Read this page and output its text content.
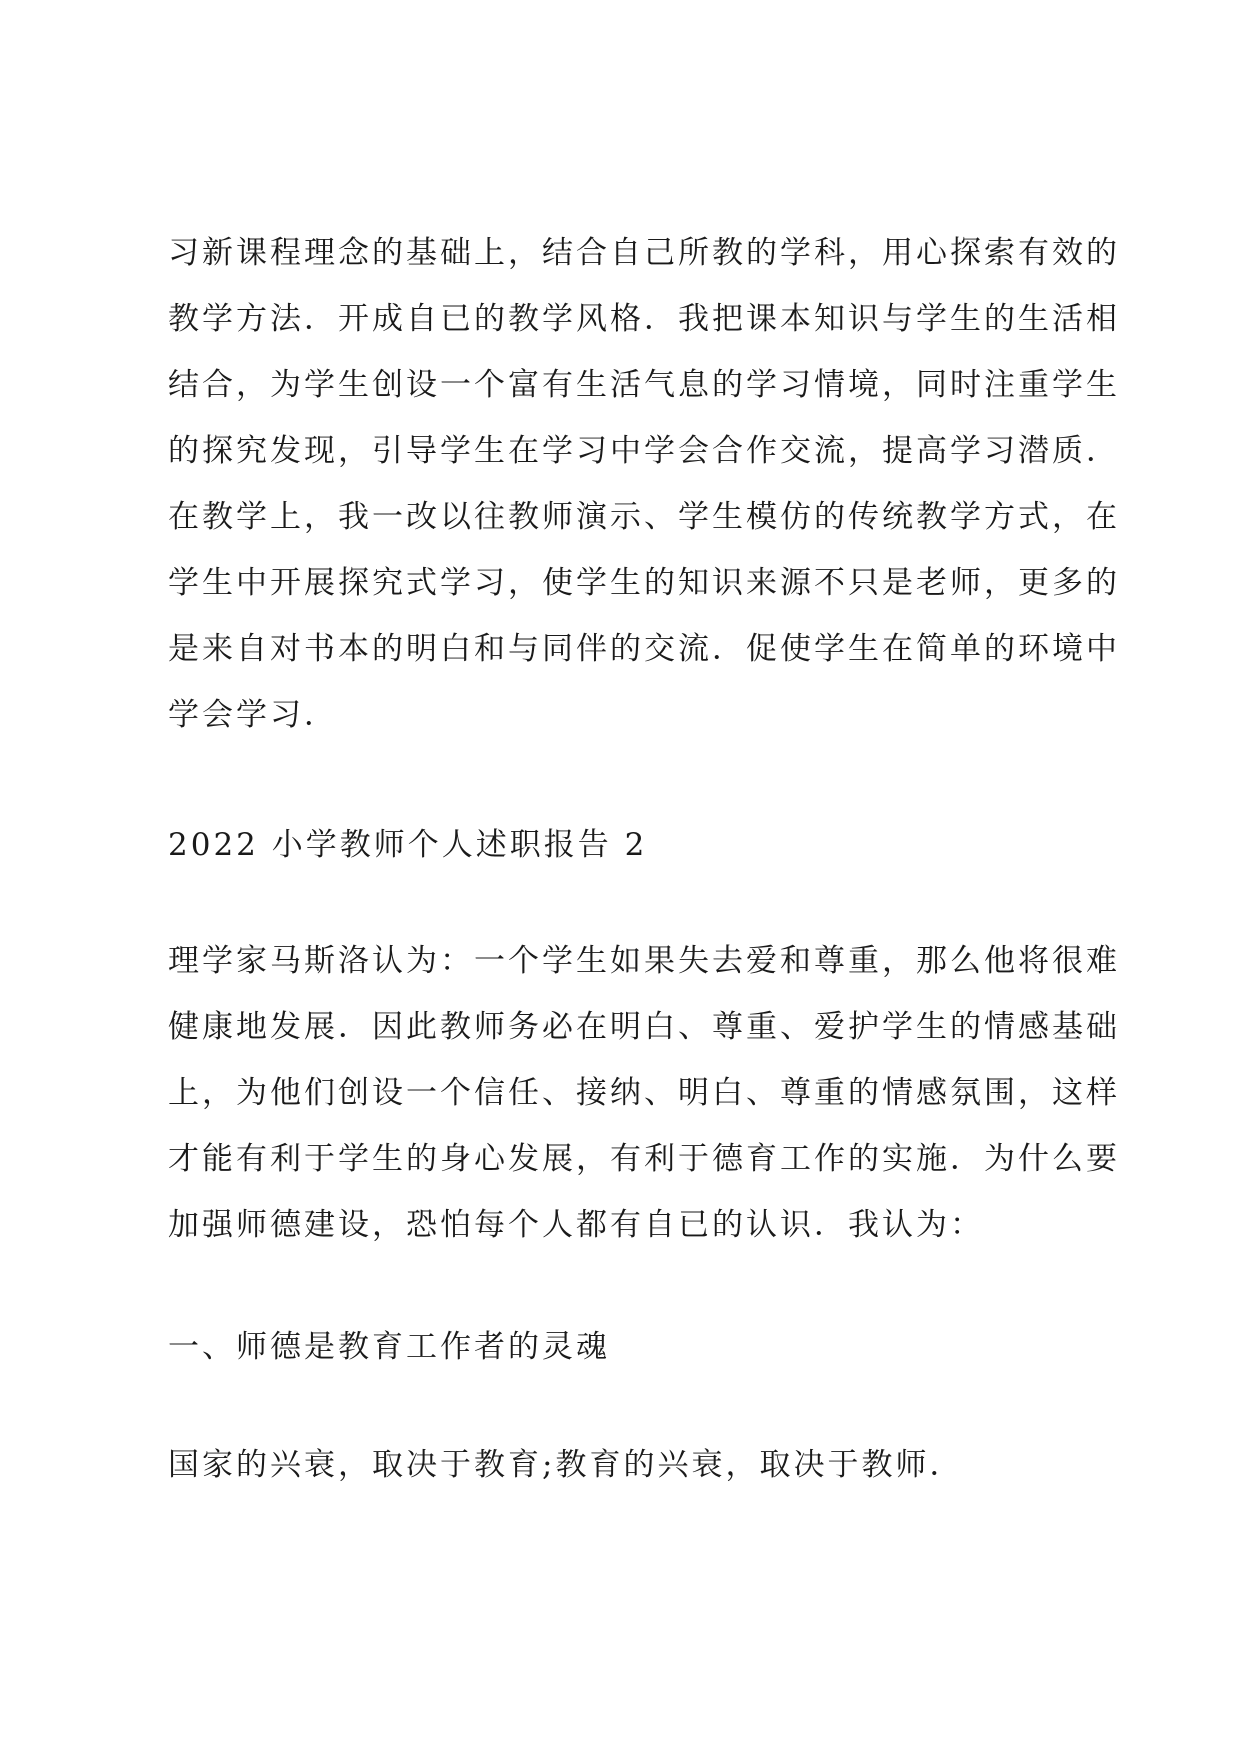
习新课程理念的基础上，结合自己所教的学科，用心探索有效的
教学方法．开成自已的教学风格．我把课本知识与学生的生活相
结合，为学生创设一个富有生活气息的学习情境，同时注重学生
的探究发现，引导学生在学习中学会合作交流，提高学习潜质．
在教学上，我一改以往教师演示、学生模仿的传统教学方式，在
学生中开展探究式学习，使学生的知识来源不只是老师，更多的
是来自对书本的明白和与同伴的交流．促使学生在简单的环境中
学会学习．
2022 小学教师个人述职报告 2
理学家马斯洛认为：一个学生如果失去爱和尊重，那么他将很难
健康地发展．因此教师务必在明白、尊重、爱护学生的情感基础
上，为他们创设一个信任、接纳、明白、尊重的情感氛围，这样
才能有利于学生的身心发展，有利于德育工作的实施．为什么要
加强师德建设，恐怕每个人都有自已的认识．我认为：
一、师德是教育工作者的灵魂
国家的兴衰，取决于教育;教育的兴衰，取决于教师．
